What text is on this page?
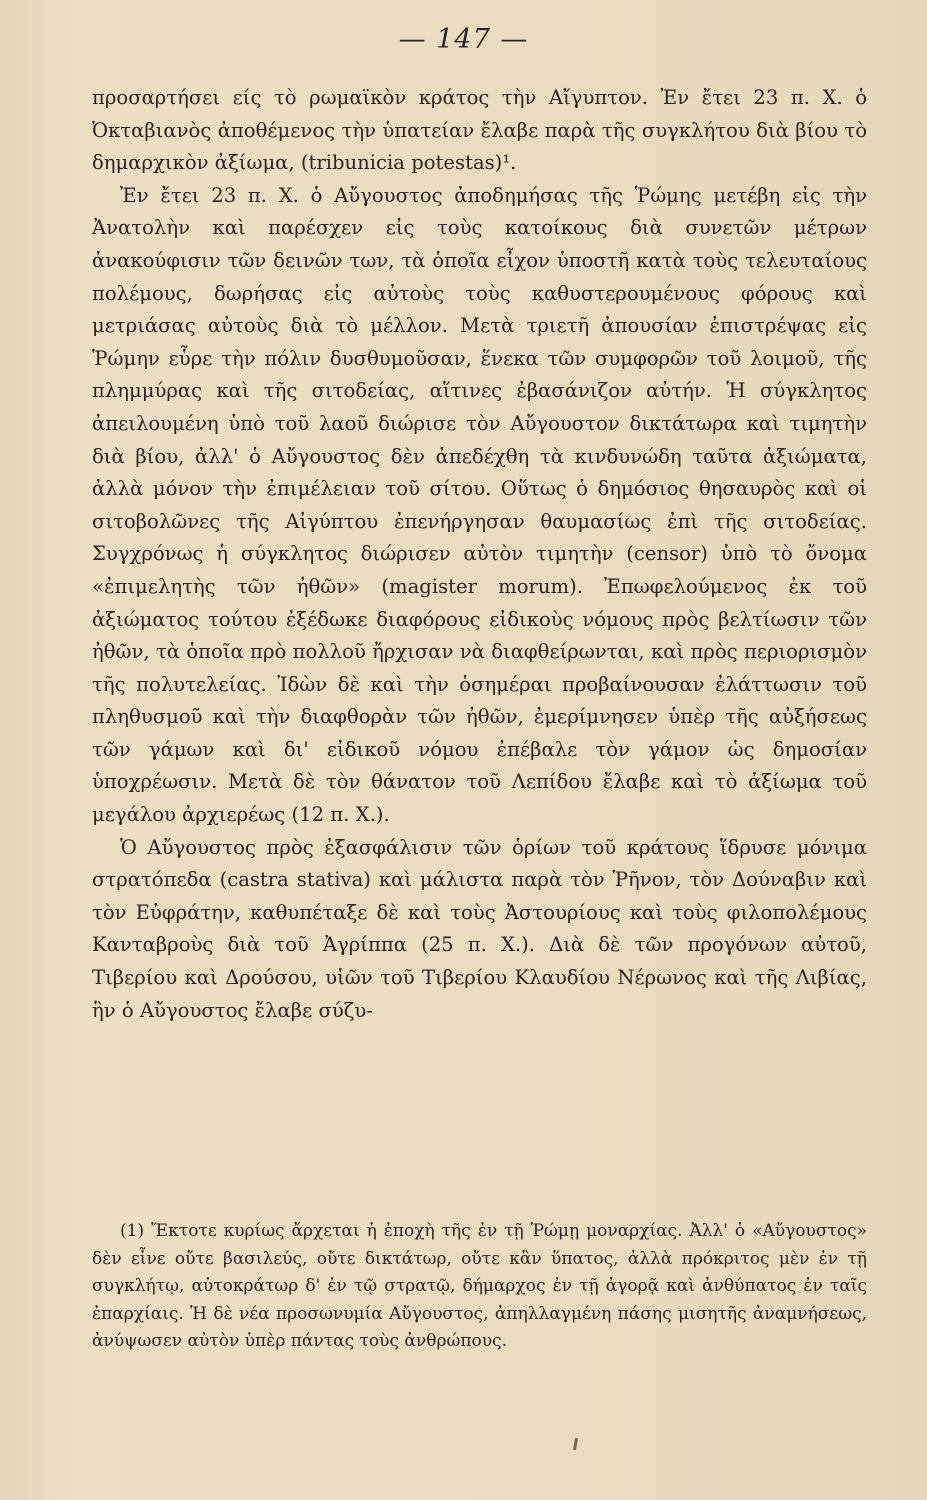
— 147 —

προσαρτήσει είς τὸ ρωμαϊκὸν κράτος τὴν Αἴγυπτον. Ἐν ἔτει 23 π. Χ. ὁ Ὀκταβιανὸς ἀποθέμενος τὴν ὑπατείαν ἔλαβε παρὰ τῆς συγκλήτου διὰ βίου τὸ δημαρχικὸν ἀξίωμα, (tribunicia potestas)¹.

Ἐν ἔτει 23 π. Χ. ὁ Αὔγουστος ἀποδημήσας τῆς Ῥώμης μετέβη εἰς τὴν Ἀνατολὴν καὶ παρέσχεν εἰς τοὺς κατοίκους διὰ συνετῶν μέτρων ἀνακούφισιν τῶν δεινῶν των, τὰ ὁποῖα εἶχον ὑποστῆ κατὰ τοὺς τελευταίους πολέμους, δωρήσας εἰς αὐτοὺς τοὺς καθυστερουμένους φόρους καὶ μετριάσας αὐτοὺς διὰ τὸ μέλλον. Μετὰ τριετῆ ἀπουσίαν ἐπιστρέψας εἰς Ῥώμην εὗρε τὴν πόλιν δυσθυμοῦσαν, ἕνεκα τῶν συμφορῶν τοῦ λοιμοῦ, τῆς πλημμύρας καὶ τῆς σιτοδείας, αἵτινες ἐβασάνιζον αὐτήν. Ἡ σύγκλητος ἀπειλουμένη ὑπὸ τοῦ λαοῦ διώρισε τὸν Αὔγουστον δικτάτωρα καὶ τιμητὴν διὰ βίου, ἀλλ' ὁ Αὔγουστος δὲν ἀπεδέχθη τὰ κινδυνώδη ταῦτα ἀξιώματα, ἀλλὰ μόνον τὴν ἐπιμέλειαν τοῦ σίτου. Οὕτως ὁ δημόσιος θησαυρὸς καὶ οἱ σιτοβολῶνες τῆς Αἰγύπτου ἐπενήργησαν θαυμασίως ἐπὶ τῆς σιτοδείας. Συγχρόνως ἡ σύγκλητος διώρισεν αὐτὸν τιμητὴν (censor) ὑπὸ τὸ ὄνομα «ἐπιμελητὴς τῶν ἠθῶν» (magister morum). Ἐπωφελούμενος ἐκ τοῦ ἀξιώματος τούτου ἐξέδωκε διαφόρους εἰδικοὺς νόμους πρὸς βελτίωσιν τῶν ἠθῶν, τὰ ὁποῖα πρὸ πολλοῦ ἤρχισαν νὰ διαφθείρωνται, καὶ πρὸς περιορισμὸν τῆς πολυτελείας. Ἰδὼν δὲ καὶ τὴν ὁσημέραι προβαίνουσαν ἐλάττωσιν τοῦ πληθυσμοῦ καὶ τὴν διαφθορὰν τῶν ἠθῶν, ἐμερίμνησεν ὑπὲρ τῆς αὐξήσεως τῶν γάμων καὶ δι' εἰδικοῦ νόμου ἐπέβαλε τὸν γάμον ὡς δημοσίαν ὑποχρέωσιν. Μετὰ δὲ τὸν θάνατον τοῦ Λεπίδου ἔλαβε καὶ τὸ ἀξίωμα τοῦ μεγάλου ἀρχιερέως (12 π. Χ.).

Ὁ Αὔγουστος πρὸς ἐξασφάλισιν τῶν ὁρίων τοῦ κράτους ἵδρυσε μόνιμα στρατόπεδα (castra stativa) καὶ μάλιστα παρὰ τὸν Ῥῆνον, τὸν Δούναβιν καὶ τὸν Εὐφράτην, καθυπέταξε δὲ καὶ τοὺς Ἀστουρίους καὶ τοὺς φιλοπολέμους Κανταβροὺς διὰ τοῦ Ἀγρίππα (25 π. Χ.). Διὰ δὲ τῶν προγόνων αὐτοῦ, Τιβερίου καὶ Δρούσου, υἱῶν τοῦ Τιβερίου Κλαυδίου Νέρωνος καὶ τῆς Λιβίας, ἣν ὁ Αὔγουστος ἔλαβε σύζυ-

(1) Ἔκτοτε κυρίως ἄρχεται ἡ ἐποχὴ τῆς ἐν τῇ Ῥώμῃ μοναρχίας. Ἀλλ' ὁ «Αὔγουστος» δὲν εἶνε οὔτε βασιλεύς, οὔτε δικτάτωρ, οὔτε κἂν ὕπατος, ἀλλὰ πρόκριτος μὲν ἐν τῇ συγκλήτῳ, αὐτοκράτωρ δ' ἐν τῷ στρατῷ, δήμαρχος ἐν τῇ ἀγορᾷ καὶ ἀνθύπατος ἐν ταῖς ἐπαρχίαις. Ἡ δὲ νέα προσωνυμία Αὔγουστος, ἀπηλλαγμένη πάσης μισητῆς ἀναμνήσεως, ἀνύψωσεν αὐτὸν ὑπὲρ πάντας τοὺς ἀνθρώπους.
